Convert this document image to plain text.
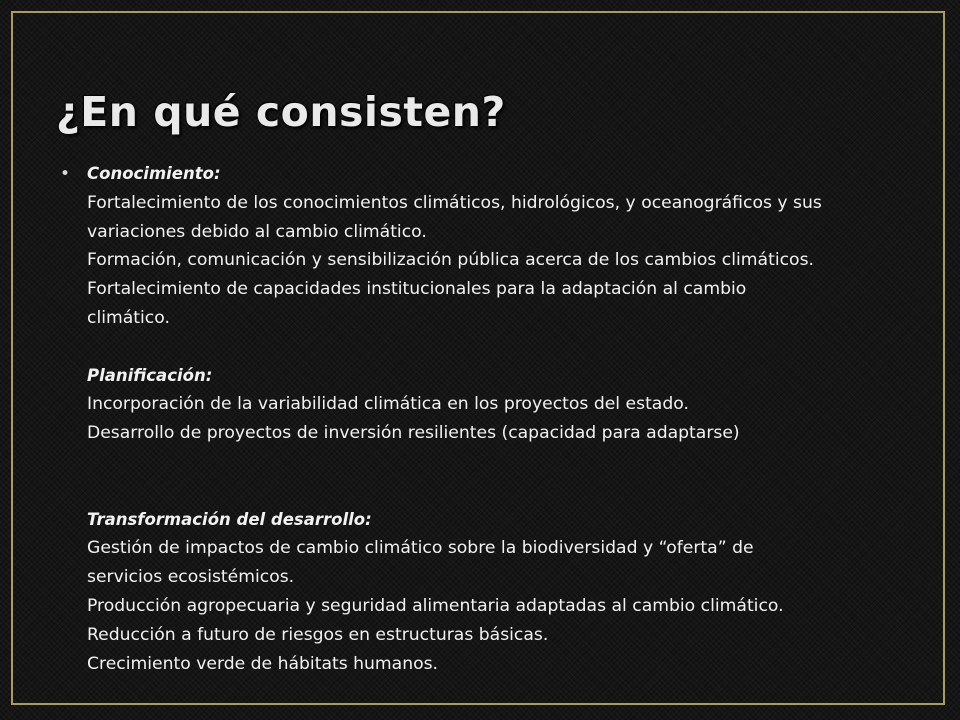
¿En qué consisten?
• Conocimiento:
Fortalecimiento de los conocimientos climáticos, hidrológicos, y oceanográficos y sus
variaciones debido al cambio climático.
Formación, comunicación y sensibilización pública acerca de los cambios climáticos.
Fortalecimiento de capacidades institucionales para la adaptación al cambio
climático.
Planificación:
Incorporación de la variabilidad climática en los proyectos del estado.
Desarrollo de proyectos de inversión resilientes (capacidad para adaptarse)
Transformación del desarrollo:
Gestión de impactos de cambio climático sobre la biodiversidad y “oferta” de
servicios ecosistémicos.
Producción agropecuaria y seguridad alimentaria adaptadas al cambio climático.
Reducción a futuro de riesgos en estructuras básicas.
Crecimiento verde de hábitats humanos.
